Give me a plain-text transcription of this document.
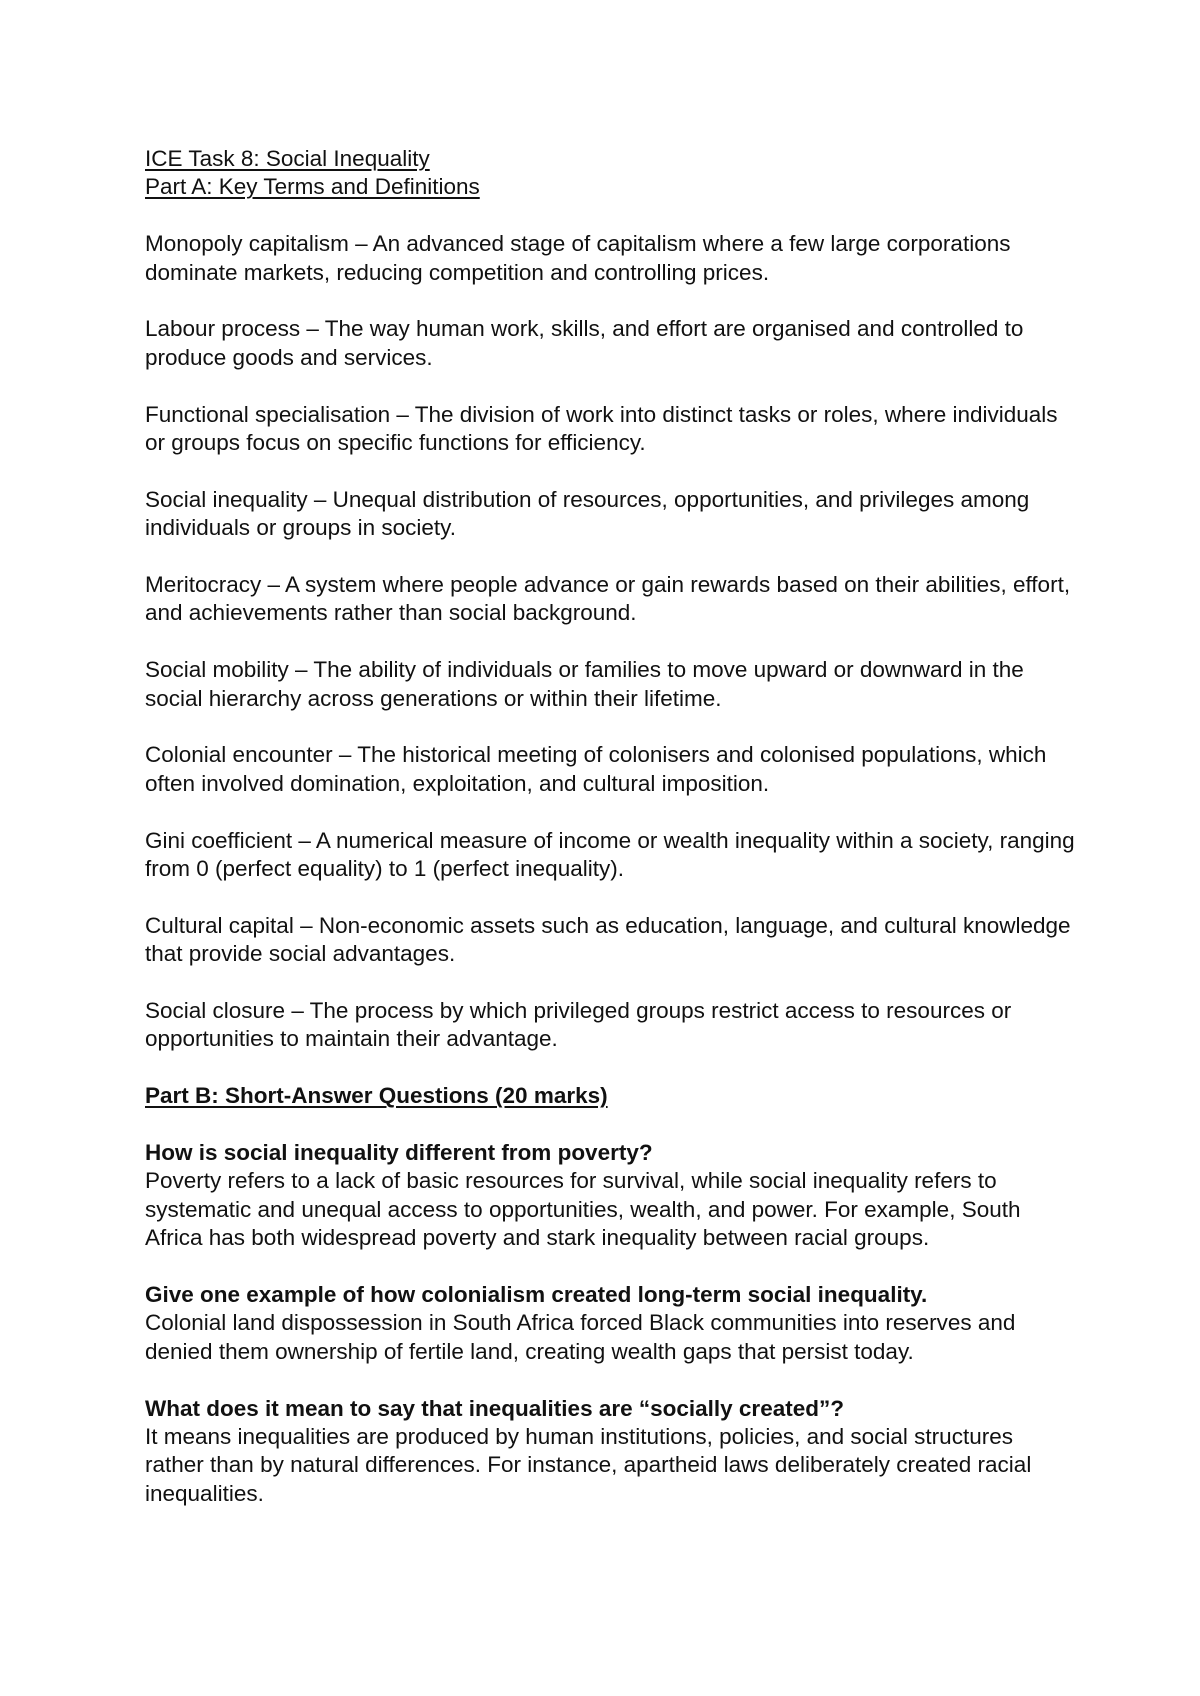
ICE Task 8: Social Inequality

Part A: Key Terms and Definitions

Monopoly capitalism – An advanced stage of capitalism where a few large corporations dominate markets, reducing competition and controlling prices.

Labour process – The way human work, skills, and effort are organised and controlled to produce goods and services.

Functional specialisation – The division of work into distinct tasks or roles, where individuals or groups focus on specific functions for efficiency.

Social inequality – Unequal distribution of resources, opportunities, and privileges among individuals or groups in society.

Meritocracy – A system where people advance or gain rewards based on their abilities, effort, and achievements rather than social background.

Social mobility – The ability of individuals or families to move upward or downward in the social hierarchy across generations or within their lifetime.

Colonial encounter – The historical meeting of colonisers and colonised populations, which often involved domination, exploitation, and cultural imposition.

Gini coefficient – A numerical measure of income or wealth inequality within a society, ranging from 0 (perfect equality) to 1 (perfect inequality).

Cultural capital – Non-economic assets such as education, language, and cultural knowledge that provide social advantages.

Social closure – The process by which privileged groups restrict access to resources or opportunities to maintain their advantage.

Part B: Short-Answer Questions (20 marks)

How is social inequality different from poverty?
Poverty refers to a lack of basic resources for survival, while social inequality refers to systematic and unequal access to opportunities, wealth, and power. For example, South Africa has both widespread poverty and stark inequality between racial groups.
Give one example of how colonialism created long-term social inequality.
Colonial land dispossession in South Africa forced Black communities into reserves and denied them ownership of fertile land, creating wealth gaps that persist today.
What does it mean to say that inequalities are “socially created”?
It means inequalities are produced by human institutions, policies, and social structures rather than by natural differences. For instance, apartheid laws deliberately created racial inequalities.
